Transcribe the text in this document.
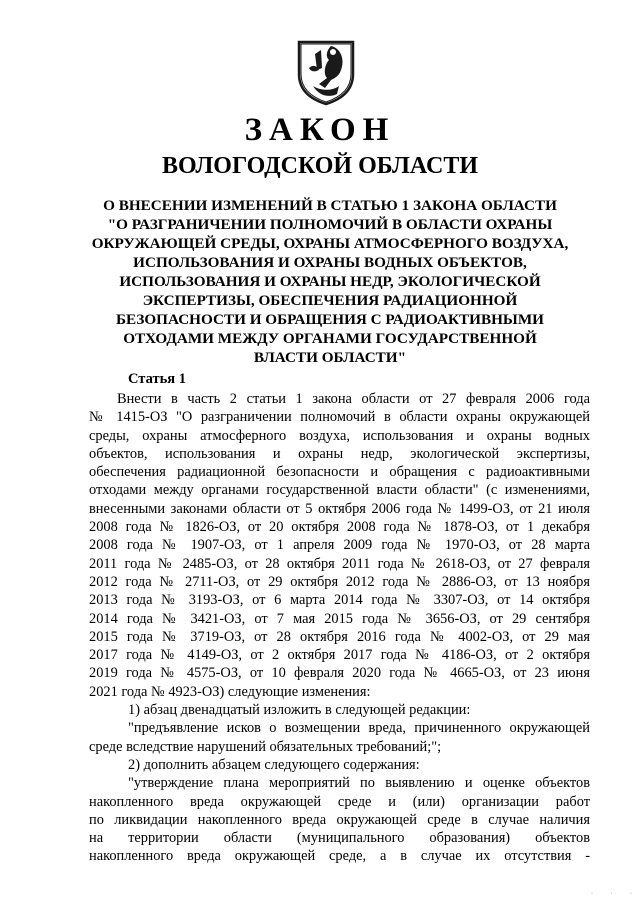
ЗАКОН
ВОЛОГОДСКОЙ ОБЛАСТИ
О ВНЕСЕНИИ ИЗМЕНЕНИЙ В СТАТЬЮ 1 ЗАКОНА ОБЛАСТИ
"О РАЗГРАНИЧЕНИИ ПОЛНОМОЧИЙ В ОБЛАСТИ ОХРАНЫ
ОКРУЖАЮЩЕЙ СРЕДЫ, ОХРАНЫ АТМОСФЕРНОГО ВОЗДУХА,
ИСПОЛЬЗОВАНИЯ И ОХРАНЫ ВОДНЫХ ОБЪЕКТОВ,
ИСПОЛЬЗОВАНИЯ И ОХРАНЫ НЕДР, ЭКОЛОГИЧЕСКОЙ
ЭКСПЕРТИЗЫ, ОБЕСПЕЧЕНИЯ РАДИАЦИОННОЙ
БЕЗОПАСНОСТИ И ОБРАЩЕНИЯ С РАДИОАКТИВНЫМИ
ОТХОДАМИ МЕЖДУ ОРГАНАМИ ГОСУДАРСТВЕННОЙ
ВЛАСТИ ОБЛАСТИ"
Статья 1
Внести в часть 2 статьи 1 закона области от 27 февраля 2006 года
№ 1415-ОЗ "О разграничении полномочий в области охраны окружающей
среды, охраны атмосферного воздуха, использования и охраны водных
объектов, использования и охраны недр, экологической экспертизы,
обеспечения радиационной безопасности и обращения с радиоактивными
отходами между органами государственной власти области" (с изменениями,
внесенными законами области от 5 октября 2006 года № 1499-ОЗ, от 21 июля
2008 года № 1826-ОЗ, от 20 октября 2008 года № 1878-ОЗ, от 1 декабря
2008 года № 1907-ОЗ, от 1 апреля 2009 года № 1970-ОЗ, от 28 марта
2011 года № 2485-ОЗ, от 28 октября 2011 года № 2618-ОЗ, от 27 февраля
2012 года № 2711-ОЗ, от 29 октября 2012 года № 2886-ОЗ, от 13 ноября
2013 года № 3193-ОЗ, от 6 марта 2014 года № 3307-ОЗ, от 14 октября
2014 года № 3421-ОЗ, от 7 мая 2015 года № 3656-ОЗ, от 29 сентября
2015 года № 3719-ОЗ, от 28 октября 2016 года № 4002-ОЗ, от 29 мая
2017 года № 4149-ОЗ, от 2 октября 2017 года № 4186-ОЗ, от 2 октября
2019 года № 4575-ОЗ, от 10 февраля 2020 года № 4665-ОЗ, от 23 июня
2021 года № 4923-ОЗ) следующие изменения:
1) абзац двенадцатый изложить в следующей редакции:
"предъявление исков о возмещении вреда, причиненного окружающей
среде вследствие нарушений обязательных требований;";
2) дополнить абзацем следующего содержания:
"утверждение плана мероприятий по выявлению и оценке объектов
накопленного вреда окружающей среде и (или) организации работ
по ликвидации накопленного вреда окружающей среде в случае наличия
на территории области (муниципального образования) объектов
накопленного вреда окружающей среде, а в случае их отсутствия -
· · ·
